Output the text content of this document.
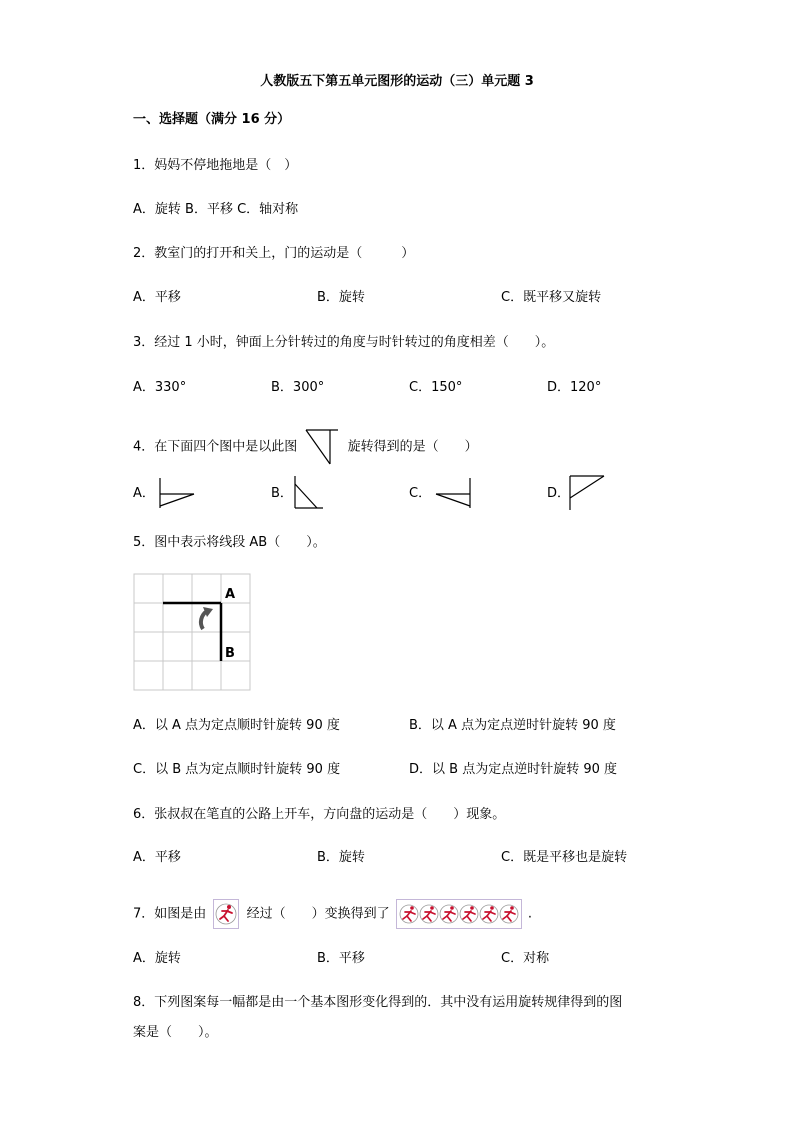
人教版五下第五单元图形的运动（三）单元题 3
一、选择题（满分 16 分）
1．妈妈不停地拖地是（　）
A．旋转 B．平移 C．轴对称
2．教室门的打开和关上，门的运动是（　　　）
A．平移	B．旋转	C．既平移又旋转
3．经过 1 小时，钟面上分针转过的角度与时针转过的角度相差（　　）。
A．330°	B．300°	C．150°	D．120°
4．在下面四个图中是以此图	旋转得到的是（　　）
A．	B．	C．	D．
5．图中表示将线段 AB（　　）。
A
B
A．以 A 点为定点顺时针旋转 90 度	B．以 A 点为定点逆时针旋转 90 度
C．以 B 点为定点顺时针旋转 90 度	D．以 B 点为定点逆时针旋转 90 度
6．张叔叔在笔直的公路上开车，方向盘的运动是（　　）现象。
A．平移	B．旋转	C．既是平移也是旋转
7．如图是由	经过（　　）变换得到了	.
A．旋转	B．平移	C．对称
8．下列图案每一幅都是由一个基本图形变化得到的．其中没有运用旋转规律得到的图
案是（　　）。
